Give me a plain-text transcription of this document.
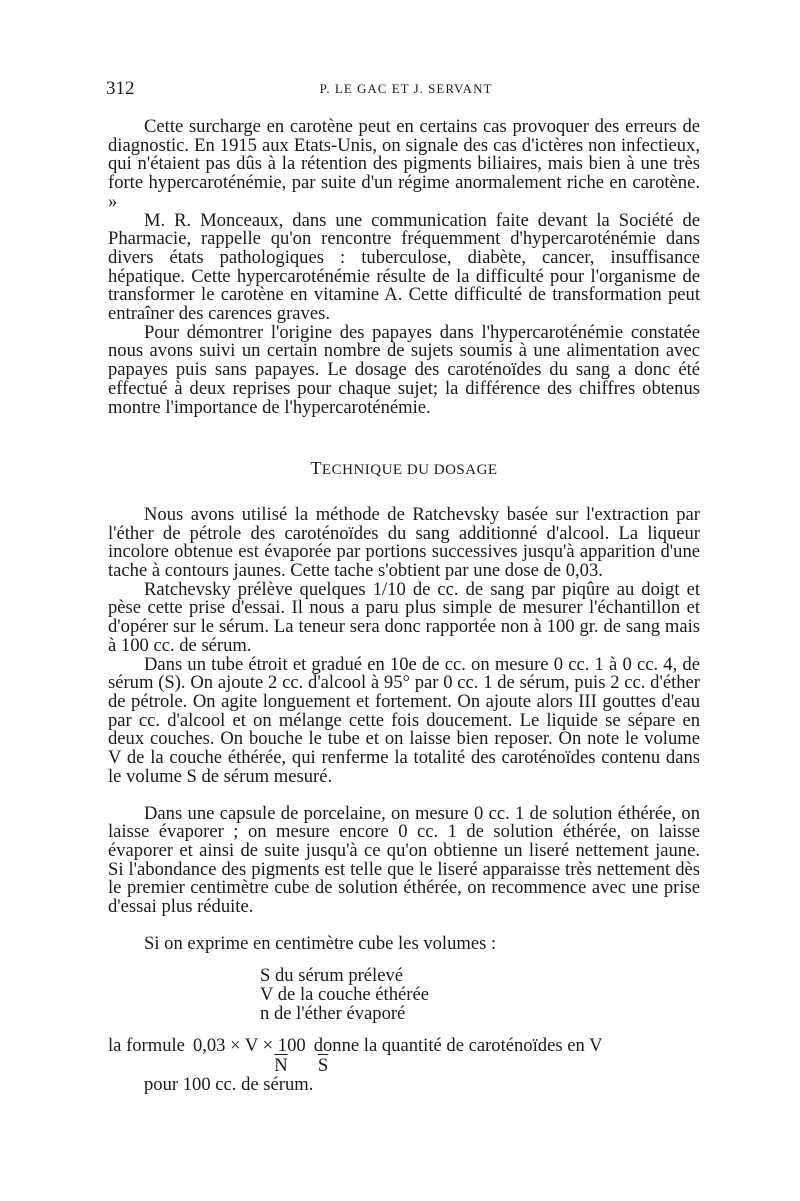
312	P. LE GAC ET J. SERVANT

Cette surcharge en carotène peut en certains cas provoquer des erreurs de diagnostic. En 1915 aux Etats-Unis, on signale des cas d'ictères non infectieux, qui n'étaient pas dûs à la rétention des pigments biliaires, mais bien à une très forte hypercaroténémie, par suite d'un régime anormalement riche en carotène. »

M. R. Monceaux, dans une communication faite devant la Société de Pharmacie, rappelle qu'on rencontre fréquemment d'hypercaroténémie dans divers états pathologiques : tuberculose, diabète, cancer, insuffisance hépatique. Cette hypercaroténémie résulte de la difficulté pour l'organisme de transformer le carotène en vitamine A. Cette difficulté de transformation peut entraîner des carences graves.

Pour démontrer l'origine des papayes dans l'hypercaroténémie constatée nous avons suivi un certain nombre de sujets soumis à une alimentation avec papayes puis sans papayes. Le dosage des caroténoïdes du sang a donc été effectué à deux reprises pour chaque sujet; la différence des chiffres obtenus montre l'importance de l'hypercaroténémie.

TECHNIQUE DU DOSAGE

Nous avons utilisé la méthode de Ratchevsky basée sur l'extraction par l'éther de pétrole des caroténoïdes du sang additionné d'alcool. La liqueur incolore obtenue est évaporée par portions successives jusqu'à apparition d'une tache à contours jaunes. Cette tache s'obtient par une dose de 0,03.

Ratchevsky prélève quelques 1/10 de cc. de sang par piqûre au doigt et pèse cette prise d'essai. Il nous a paru plus simple de mesurer l'échantillon et d'opérer sur le sérum. La teneur sera donc rapportée non à 100 gr. de sang mais à 100 cc. de sérum.

Dans un tube étroit et gradué en 10e de cc. on mesure 0 cc. 1 à 0 cc. 4, de sérum (S). On ajoute 2 cc. d'alcool à 95° par 0 cc. 1 de sérum, puis 2 cc. d'éther de pétrole. On agite longuement et fortement. On ajoute alors III gouttes d'eau par cc. d'alcool et on mélange cette fois doucement. Le liquide se sépare en deux couches. On bouche le tube et on laisse bien reposer. On note le volume V de la couche éthérée, qui renferme la totalité des caroténoïdes contenu dans le volume S de sérum mesuré.

Dans une capsule de porcelaine, on mesure 0 cc. 1 de solution éthérée, on laisse évaporer ; on mesure encore 0 cc. 1 de solution éthérée, on laisse évaporer et ainsi de suite jusqu'à ce qu'on obtienne un liseré nettement jaune. Si l'abondance des pigments est telle que le liseré apparaisse très nettement dès le premier centimètre cube de solution éthérée, on recommence avec une prise d'essai plus réduite.

Si on exprime en centimètre cube les volumes :

S du sérum prélevé
V de la couche éthérée
n de l'éther évaporé
la formule 0,03 × V × 100 donne la quantité de caroténoïdes en V
$\overline{N}$ $\overline{S}$

pour 100 cc. de sérum.
